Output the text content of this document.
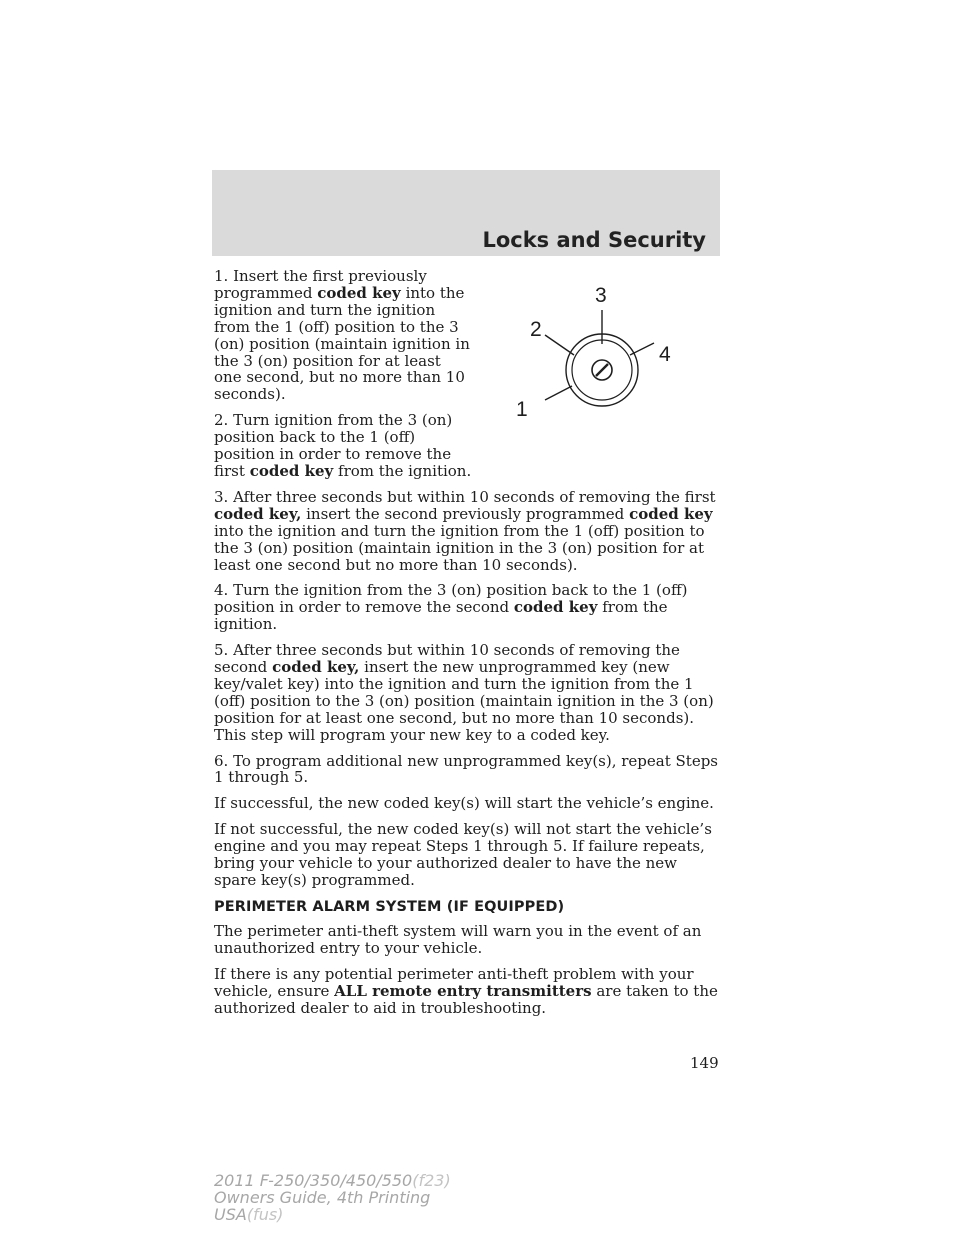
Locks and Security
3
2
4
1

1. Insert the first previously programmed coded key into the ignition and turn the ignition from the 1 (off) position to the 3 (on) position (maintain ignition in the 3 (on) position for at least one second, but no more than 10 seconds).

2. Turn ignition from the 3 (on) position back to the 1 (off) position in order to remove the first coded key from the ignition.

3. After three seconds but within 10 seconds of removing the first coded key, insert the second previously programmed coded key into the ignition and turn the ignition from the 1 (off) position to the 3 (on) position (maintain ignition in the 3 (on) position for at least one second but no more than 10 seconds).

4. Turn the ignition from the 3 (on) position back to the 1 (off) position in order to remove the second coded key from the ignition.

5. After three seconds but within 10 seconds of removing the second coded key, insert the new unprogrammed key (new key/valet key) into the ignition and turn the ignition from the 1 (off) position to the 3 (on) position (maintain ignition in the 3 (on) position for at least one second, but no more than 10 seconds). This step will program your new key to a coded key.

6. To program additional new unprogrammed key(s), repeat Steps 1 through 5.

If successful, the new coded key(s) will start the vehicle’s engine.

If not successful, the new coded key(s) will not start the vehicle’s engine and you may repeat Steps 1 through 5. If failure repeats, bring your vehicle to your authorized dealer to have the new spare key(s) programmed.

PERIMETER ALARM SYSTEM (IF EQUIPPED)

The perimeter anti-theft system will warn you in the event of an unauthorized entry to your vehicle.

If there is any potential perimeter anti-theft problem with your vehicle, ensure ALL remote entry transmitters are taken to the authorized dealer to aid in troubleshooting.

149

2011 F-250/350/450/550(f23)
Owners Guide, 4th Printing
USA(fus)
